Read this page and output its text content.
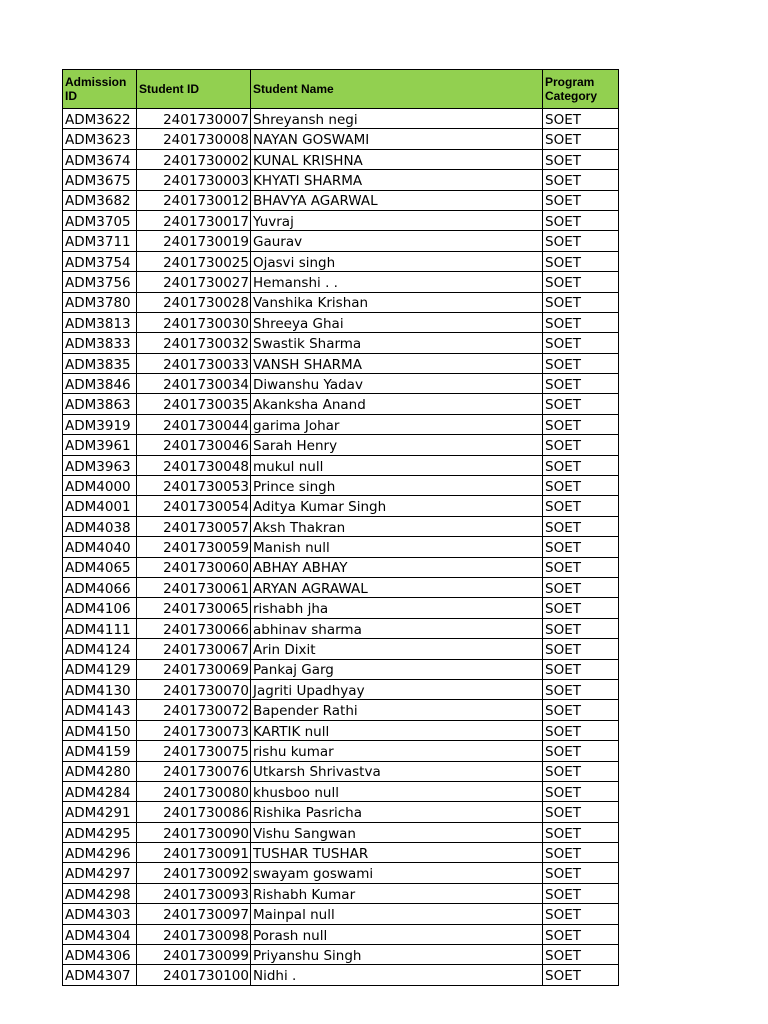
Admission ID	Student ID	Student Name	Program Category
ADM3622	2401730007	Shreyansh negi	SOET
ADM3623	2401730008	NAYAN GOSWAMI	SOET
ADM3674	2401730002	KUNAL KRISHNA	SOET
ADM3675	2401730003	KHYATI SHARMA	SOET
ADM3682	2401730012	BHAVYA AGARWAL	SOET
ADM3705	2401730017	Yuvraj	SOET
ADM3711	2401730019	Gaurav	SOET
ADM3754	2401730025	Ojasvi singh	SOET
ADM3756	2401730027	Hemanshi . .	SOET
ADM3780	2401730028	Vanshika Krishan	SOET
ADM3813	2401730030	Shreeya Ghai	SOET
ADM3833	2401730032	Swastik Sharma	SOET
ADM3835	2401730033	VANSH SHARMA	SOET
ADM3846	2401730034	Diwanshu Yadav	SOET
ADM3863	2401730035	Akanksha Anand	SOET
ADM3919	2401730044	garima Johar	SOET
ADM3961	2401730046	Sarah Henry	SOET
ADM3963	2401730048	mukul null	SOET
ADM4000	2401730053	Prince singh	SOET
ADM4001	2401730054	Aditya Kumar Singh	SOET
ADM4038	2401730057	Aksh Thakran	SOET
ADM4040	2401730059	Manish null	SOET
ADM4065	2401730060	ABHAY ABHAY	SOET
ADM4066	2401730061	ARYAN AGRAWAL	SOET
ADM4106	2401730065	rishabh jha	SOET
ADM4111	2401730066	abhinav sharma	SOET
ADM4124	2401730067	Arin Dixit	SOET
ADM4129	2401730069	Pankaj Garg	SOET
ADM4130	2401730070	Jagriti Upadhyay	SOET
ADM4143	2401730072	Bapender Rathi	SOET
ADM4150	2401730073	KARTIK null	SOET
ADM4159	2401730075	rishu kumar	SOET
ADM4280	2401730076	Utkarsh Shrivastva	SOET
ADM4284	2401730080	khusboo null	SOET
ADM4291	2401730086	Rishika Pasricha	SOET
ADM4295	2401730090	Vishu Sangwan	SOET
ADM4296	2401730091	TUSHAR TUSHAR	SOET
ADM4297	2401730092	swayam goswami	SOET
ADM4298	2401730093	Rishabh Kumar	SOET
ADM4303	2401730097	Mainpal null	SOET
ADM4304	2401730098	Porash null	SOET
ADM4306	2401730099	Priyanshu Singh	SOET
ADM4307	2401730100	Nidhi .	SOET
